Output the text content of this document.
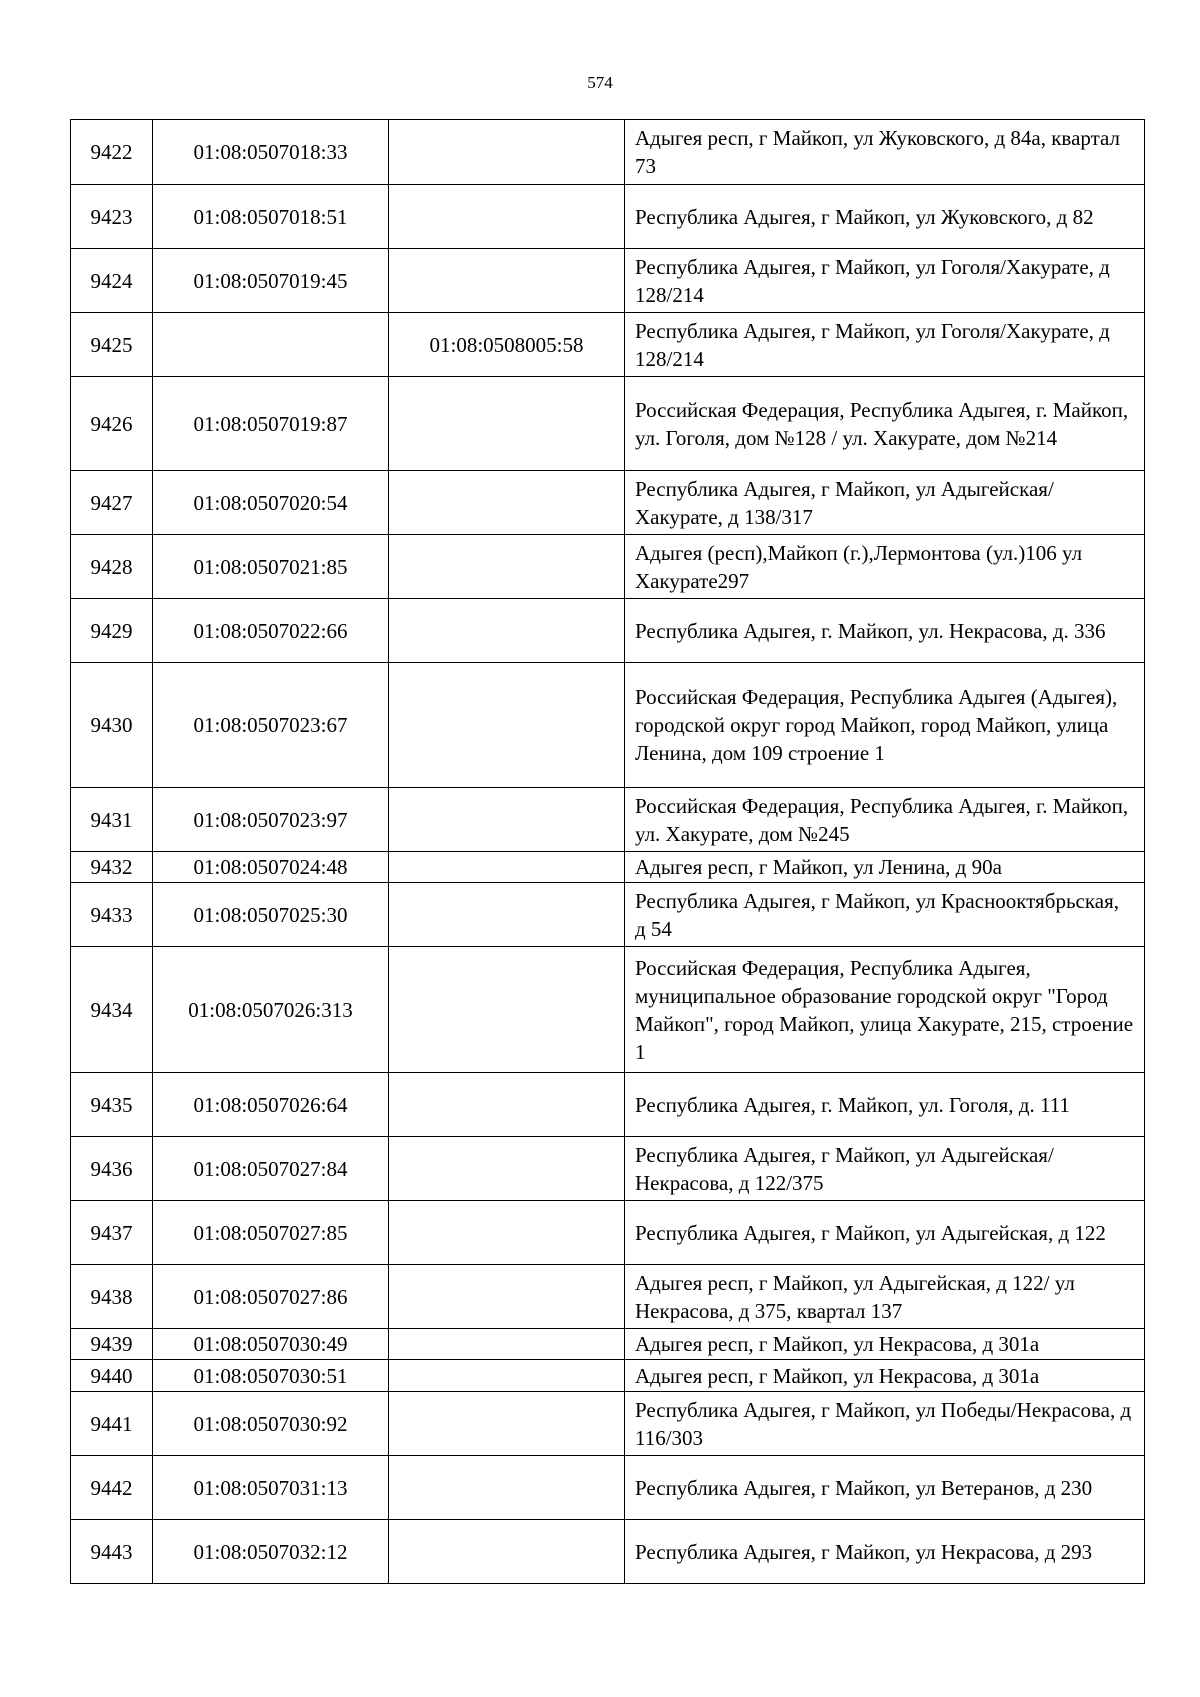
574
9422	01:08:0507018:33		Адыгея респ, г Майкоп, ул Жуковского, д 84а, квартал 73
9423	01:08:0507018:51		Республика Адыгея, г Майкоп, ул Жуковского, д 82
9424	01:08:0507019:45		Республика Адыгея, г Майкоп, ул Гоголя/Хакурате, д 128/214
9425		01:08:0508005:58	Республика Адыгея, г Майкоп, ул Гоголя/Хакурате, д 128/214
9426	01:08:0507019:87		Российская Федерация, Республика Адыгея, г. Майкоп, ул. Гоголя, дом №128 / ул. Хакурате, дом №214
9427	01:08:0507020:54		Республика Адыгея, г Майкоп, ул Адыгейская/Хакурате, д 138/317
9428	01:08:0507021:85		Адыгея (респ),Майкоп (г.),Лермонтова (ул.)106 ул Хакурате297
9429	01:08:0507022:66		Республика Адыгея, г. Майкоп, ул. Некрасова, д. 336
9430	01:08:0507023:67		Российская Федерация, Республика Адыгея (Адыгея), городской округ город Майкоп, город Майкоп, улица Ленина, дом 109 строение 1
9431	01:08:0507023:97		Российская Федерация, Республика Адыгея, г. Майкоп, ул. Хакурате, дом №245
9432	01:08:0507024:48		Адыгея респ, г Майкоп, ул Ленина, д 90а
9433	01:08:0507025:30		Республика Адыгея, г Майкоп, ул Краснооктябрьская, д 54
9434	01:08:0507026:313		Российская Федерация, Республика Адыгея, муниципальное образование городской округ "Город Майкоп", город Майкоп, улица Хакурате, 215, строение 1
9435	01:08:0507026:64		Республика Адыгея, г. Майкоп, ул. Гоголя, д. 111
9436	01:08:0507027:84		Республика Адыгея, г Майкоп, ул Адыгейская/Некрасова, д 122/375
9437	01:08:0507027:85		Республика Адыгея, г Майкоп, ул Адыгейская, д 122
9438	01:08:0507027:86		Адыгея респ, г Майкоп, ул Адыгейская, д 122/ ул Некрасова, д 375, квартал 137
9439	01:08:0507030:49		Адыгея респ, г Майкоп, ул Некрасова, д 301а
9440	01:08:0507030:51		Адыгея респ, г Майкоп, ул Некрасова, д 301а
9441	01:08:0507030:92		Республика Адыгея, г Майкоп, ул Победы/Некрасова, д 116/303
9442	01:08:0507031:13		Республика Адыгея, г Майкоп, ул Ветеранов, д 230
9443	01:08:0507032:12		Республика Адыгея, г Майкоп, ул Некрасова, д 293
